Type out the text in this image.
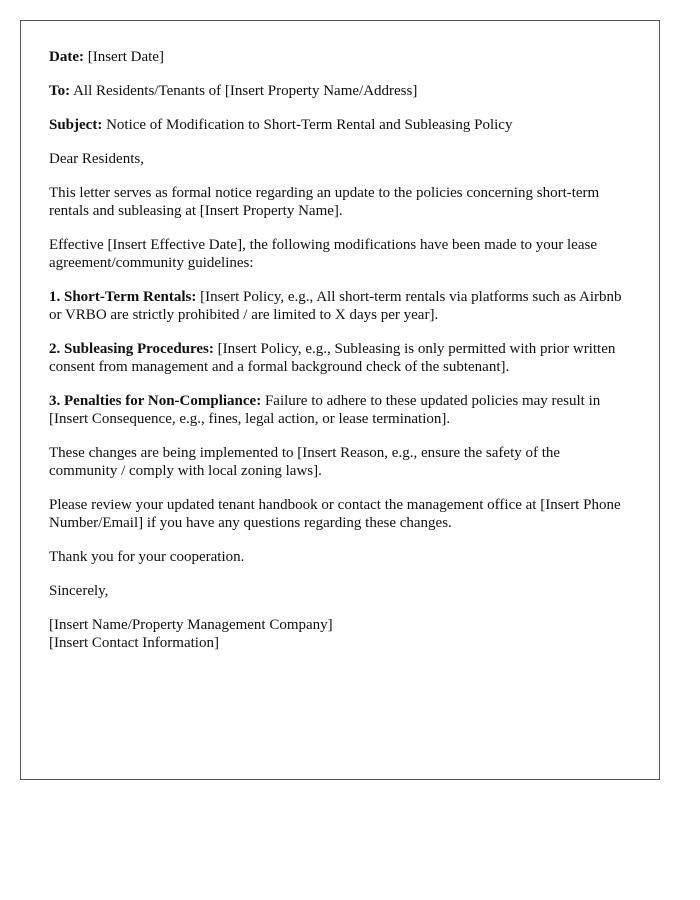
Date: [Insert Date]

To: All Residents/Tenants of [Insert Property Name/Address]

Subject: Notice of Modification to Short-Term Rental and Subleasing Policy

Dear Residents,

This letter serves as formal notice regarding an update to the policies concerning short-term rentals and subleasing at [Insert Property Name].

Effective [Insert Effective Date], the following modifications have been made to your lease agreement/community guidelines:

1. Short-Term Rentals: [Insert Policy, e.g., All short-term rentals via platforms such as Airbnb or VRBO are strictly prohibited / are limited to X days per year].

2. Subleasing Procedures: [Insert Policy, e.g., Subleasing is only permitted with prior written consent from management and a formal background check of the subtenant].

3. Penalties for Non-Compliance: Failure to adhere to these updated policies may result in [Insert Consequence, e.g., fines, legal action, or lease termination].

These changes are being implemented to [Insert Reason, e.g., ensure the safety of the community / comply with local zoning laws].

Please review your updated tenant handbook or contact the management office at [Insert Phone Number/Email] if you have any questions regarding these changes.

Thank you for your cooperation.

Sincerely,

[Insert Name/Property Management Company]

[Insert Contact Information]
